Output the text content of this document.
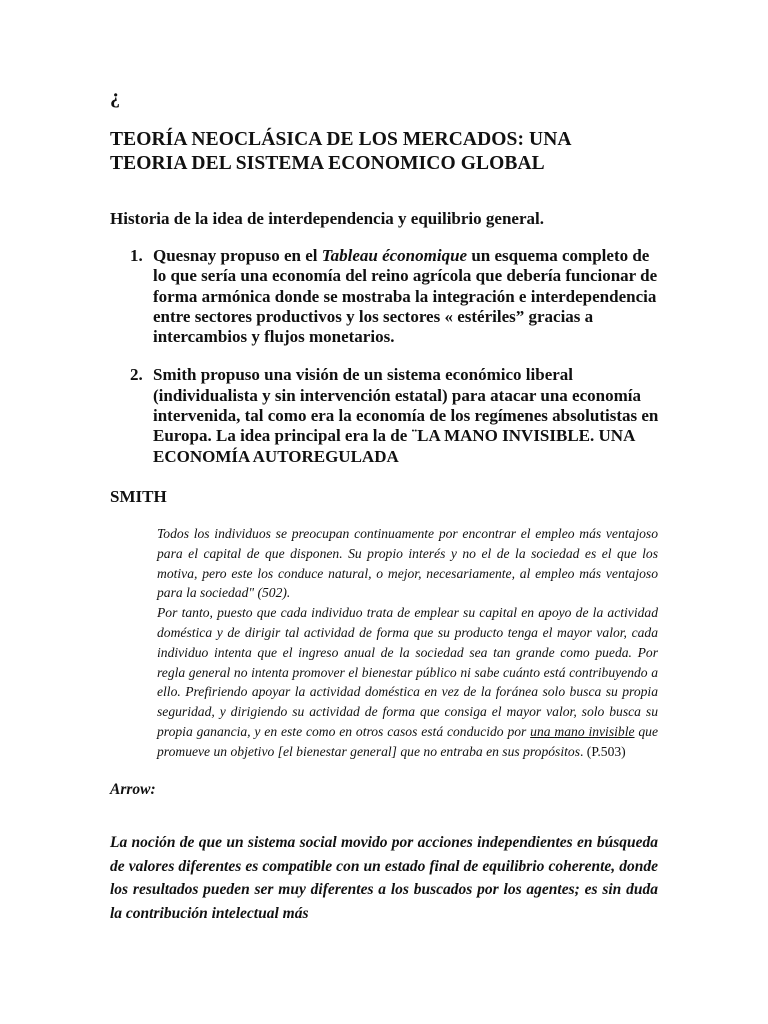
¿
TEORÍA NEOCLÁSICA DE LOS MERCADOS: UNA TEORIA DEL SISTEMA ECONOMICO GLOBAL

Historia de la idea de interdependencia y equilibrio general.

1. Quesnay propuso en el Tableau économique un esquema completo de lo que sería una economía del reino agrícola que debería funcionar de forma armónica donde se mostraba la integración e interdependencia entre sectores productivos y los sectores « estériles” gracias a intercambios y flujos monetarios.
2. Smith propuso una visión de un sistema económico liberal (individualista y sin intervención estatal) para atacar una economía intervenida, tal como era la economía de los regímenes absolutistas en Europa. La idea principal era la de ¨LA MANO INVISIBLE. UNA ECONOMÍA AUTOREGULADA

SMITH

Todos los individuos se preocupan continuamente por encontrar el empleo más ventajoso para el capital de que disponen. Su propio interés y no el de la sociedad es el que los motiva, pero este los conduce natural, o mejor, necesariamente, al empleo más ventajoso para la sociedad" (502).

Por tanto, puesto que cada individuo trata de emplear su capital en apoyo de la actividad doméstica y de dirigir tal actividad de forma que su producto tenga el mayor valor, cada individuo intenta que el ingreso anual de la sociedad sea tan grande como pueda. Por regla general no intenta promover el bienestar público ni sabe cuánto está contribuyendo a ello. Prefiriendo apoyar la actividad doméstica en vez de la foránea solo busca su propia seguridad, y dirigiendo su actividad de forma que consiga el mayor valor, solo busca su propia ganancia, y en este como en otros casos está conducido por una mano invisible que promueve un objetivo [el bienestar general] que no entraba en sus propósitos. (P.503)

Arrow:

La noción de que un sistema social movido por acciones independientes en búsqueda de valores diferentes es compatible con un estado final de equilibrio coherente, donde los resultados pueden ser muy diferentes a los buscados por los agentes; es sin duda la contribución intelectual más
